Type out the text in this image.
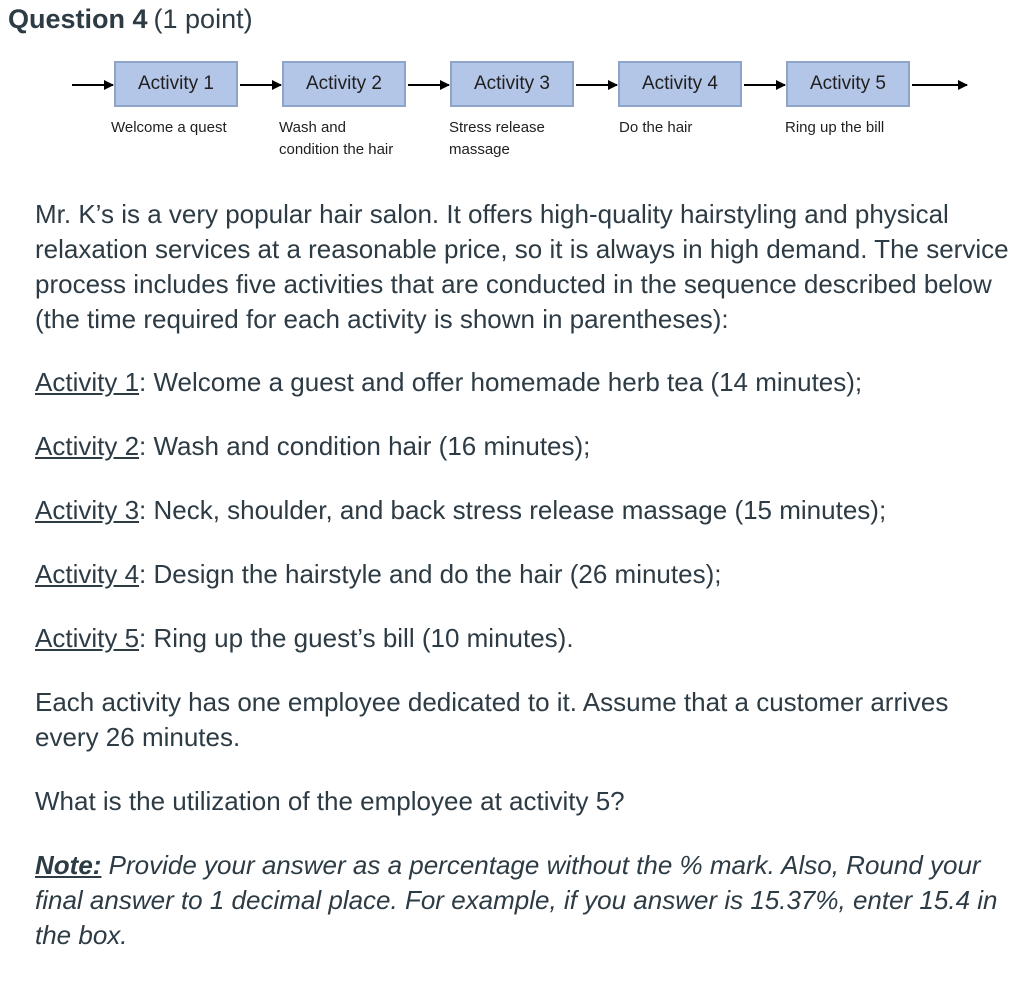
Question 4 (1 point)
Activity 1	Activity 2	Activity 3	Activity 4	Activity 5
Welcome a quest	Wash and
condition the hair
Stress release
massage
Do the hair	Ring up the bill

Mr. K’s is a very popular hair salon. It offers high-quality hairstyling and physical relaxation services at a reasonable price, so it is always in high demand. The service process includes five activities that are conducted in the sequence described below (the time required for each activity is shown in parentheses):

Activity 1: Welcome a guest and offer homemade herb tea (14 minutes);

Activity 2: Wash and condition hair (16 minutes);

Activity 3: Neck, shoulder, and back stress release massage (15 minutes);

Activity 4: Design the hairstyle and do the hair (26 minutes);

Activity 5: Ring up the guest’s bill (10 minutes).

Each activity has one employee dedicated to it. Assume that a customer arrives every 26 minutes.

What is the utilization of the employee at activity 5?

Note: Provide your answer as a percentage without the % mark. Also, Round your final answer to 1 decimal place. For example, if you answer is 15.37%, enter 15.4 in the box.
